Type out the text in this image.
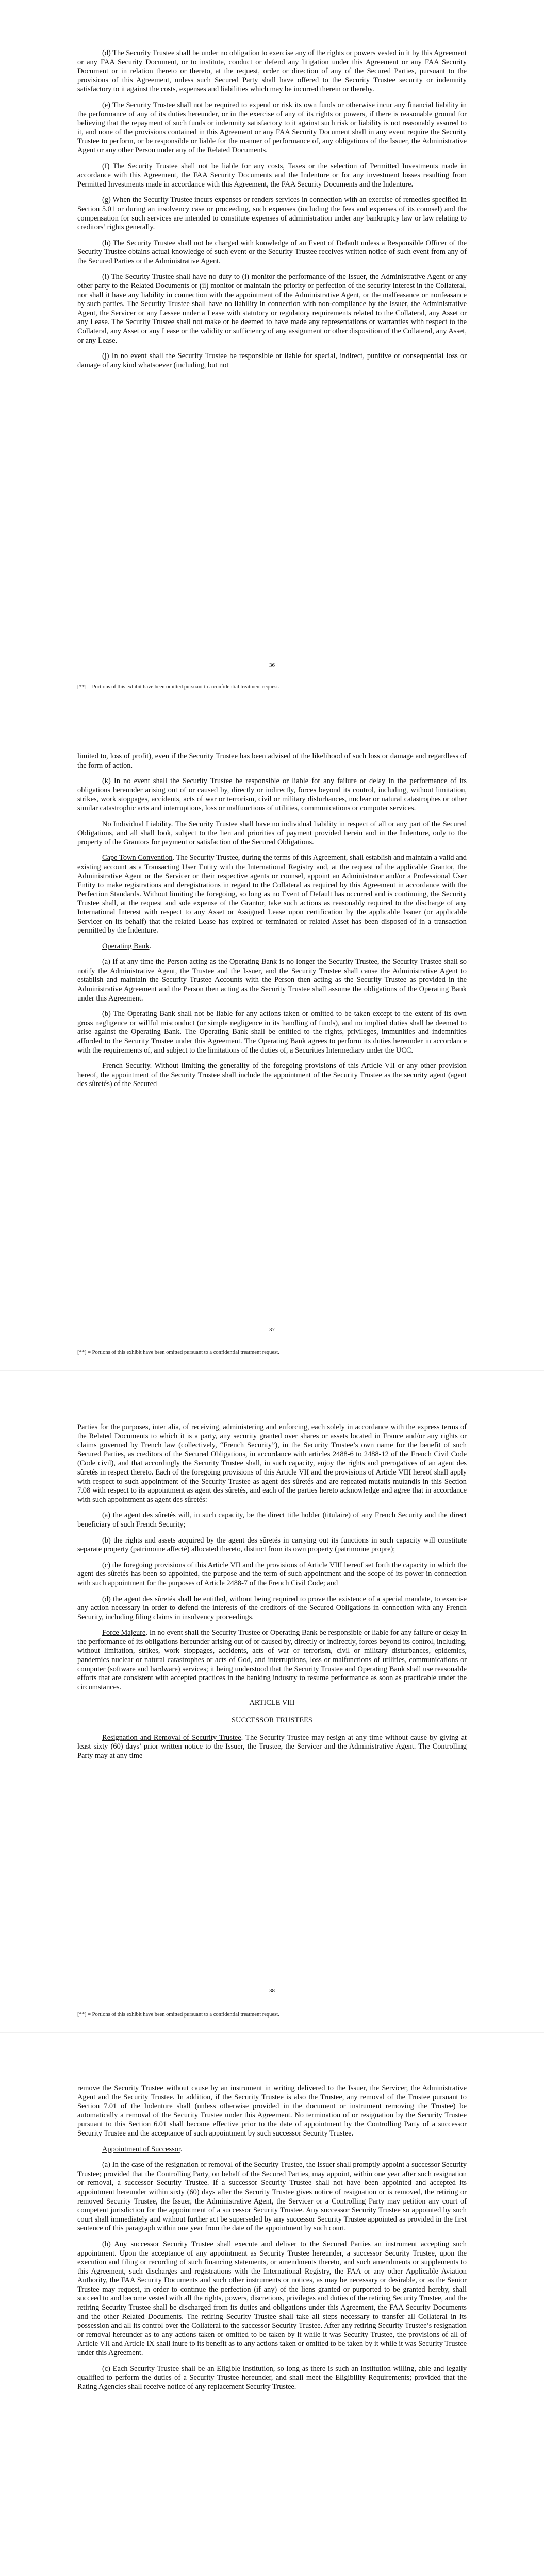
(d) The Security Trustee shall be under no obligation to exercise any of the rights or powers vested in it by this Agreement or any FAA Security Document, or to institute, conduct or defend any litigation under this Agreement or any FAA Security Document or in relation thereto or thereto, at the request, order or direction of any of the Secured Parties, pursuant to the provisions of this Agreement, unless such Secured Party shall have offered to the Security Trustee security or indemnity satisfactory to it against the costs, expenses and liabilities which may be incurred therein or thereby.

(e) The Security Trustee shall not be required to expend or risk its own funds or otherwise incur any financial liability in the performance of any of its duties hereunder, or in the exercise of any of its rights or powers, if there is reasonable ground for believing that the repayment of such funds or indemnity satisfactory to it against such risk or liability is not reasonably assured to it, and none of the provisions contained in this Agreement or any FAA Security Document shall in any event require the Security Trustee to perform, or be responsible or liable for the manner of performance of, any obligations of the Issuer, the Administrative Agent or any other Person under any of the Related Documents.

(f) The Security Trustee shall not be liable for any costs, Taxes or the selection of Permitted Investments made in accordance with this Agreement, the FAA Security Documents and the Indenture or for any investment losses resulting from Permitted Investments made in accordance with this Agreement, the FAA Security Documents and the Indenture.

(g) When the Security Trustee incurs expenses or renders services in connection with an exercise of remedies specified in Section 5.01 or during an insolvency case or proceeding, such expenses (including the fees and expenses of its counsel) and the compensation for such services are intended to constitute expenses of administration under any bankruptcy law or law relating to creditors’ rights generally.

(h) The Security Trustee shall not be charged with knowledge of an Event of Default unless a Responsible Officer of the Security Trustee obtains actual knowledge of such event or the Security Trustee receives written notice of such event from any of the Secured Parties or the Administrative Agent.

(i) The Security Trustee shall have no duty to (i) monitor the performance of the Issuer, the Administrative Agent or any other party to the Related Documents or (ii) monitor or maintain the priority or perfection of the security interest in the Collateral, nor shall it have any liability in connection with the appointment of the Administrative Agent, or the malfeasance or nonfeasance by such parties. The Security Trustee shall have no liability in connection with non-compliance by the Issuer, the Administrative Agent, the Servicer or any Lessee under a Lease with statutory or regulatory requirements related to the Collateral, any Asset or any Lease. The Security Trustee shall not make or be deemed to have made any representations or warranties with respect to the Collateral, any Asset or any Lease or the validity or sufficiency of any assignment or other disposition of the Collateral, any Asset, or any Lease.

(j) In no event shall the Security Trustee be responsible or liable for special, indirect, punitive or consequential loss or damage of any kind whatsoever (including, but not

36
[**] = Portions of this exhibit have been omitted pursuant to a confidential treatment request.

limited to, loss of profit), even if the Security Trustee has been advised of the likelihood of such loss or damage and regardless of the form of action.

(k) In no event shall the Security Trustee be responsible or liable for any failure or delay in the performance of its obligations hereunder arising out of or caused by, directly or indirectly, forces beyond its control, including, without limitation, strikes, work stoppages, accidents, acts of war or terrorism, civil or military disturbances, nuclear or natural catastrophes or other similar catastrophic acts and interruptions, loss or malfunctions of utilities, communications or computer services.

No Individual Liability. The Security Trustee shall have no individual liability in respect of all or any part of the Secured Obligations, and all shall look, subject to the lien and priorities of payment provided herein and in the Indenture, only to the property of the Grantors for payment or satisfaction of the Secured Obligations.

Cape Town Convention. The Security Trustee, during the terms of this Agreement, shall establish and maintain a valid and existing account as a Transacting User Entity with the International Registry and, at the request of the applicable Grantor, the Administrative Agent or the Servicer or their respective agents or counsel, appoint an Administrator and/or a Professional User Entity to make registrations and deregistrations in regard to the Collateral as required by this Agreement in accordance with the Perfection Standards. Without limiting the foregoing, so long as no Event of Default has occurred and is continuing, the Security Trustee shall, at the request and sole expense of the Grantor, take such actions as reasonably required to the discharge of any International Interest with respect to any Asset or Assigned Lease upon certification by the applicable Issuer (or applicable Servicer on its behalf) that the related Lease has expired or terminated or related Asset has been disposed of in a transaction permitted by the Indenture.

Operating Bank.

(a) If at any time the Person acting as the Operating Bank is no longer the Security Trustee, the Security Trustee shall so notify the Administrative Agent, the Trustee and the Issuer, and the Security Trustee shall cause the Administrative Agent to establish and maintain the Security Trustee Accounts with the Person then acting as the Security Trustee as provided in the Administrative Agreement and the Person then acting as the Security Trustee shall assume the obligations of the Operating Bank under this Agreement.

(b) The Operating Bank shall not be liable for any actions taken or omitted to be taken except to the extent of its own gross negligence or willful misconduct (or simple negligence in its handling of funds), and no implied duties shall be deemed to arise against the Operating Bank. The Operating Bank shall be entitled to the rights, privileges, immunities and indemnities afforded to the Security Trustee under this Agreement. The Operating Bank agrees to perform its duties hereunder in accordance with the requirements of, and subject to the limitations of the duties of, a Securities Intermediary under the UCC.

French Security. Without limiting the generality of the foregoing provisions of this Article VII or any other provision hereof, the appointment of the Security Trustee shall include the appointment of the Security Trustee as the security agent (agent des sûretés) of the Secured

37
[**] = Portions of this exhibit have been omitted pursuant to a confidential treatment request.

Parties for the purposes, inter alia, of receiving, administering and enforcing, each solely in accordance with the express terms of the Related Documents to which it is a party, any security granted over shares or assets located in France and/or any rights or claims governed by French law (collectively, “French Security”), in the Security Trustee’s own name for the benefit of such Secured Parties, as creditors of the Secured Obligations, in accordance with articles 2488-6 to 2488-12 of the French Civil Code (Code civil), and that accordingly the Security Trustee shall, in such capacity, enjoy the rights and prerogatives of an agent des sûretés in respect thereto. Each of the foregoing provisions of this Article VII and the provisions of Article VIII hereof shall apply with respect to such appointment of the Security Trustee as agent des sûretés and are repeated mutatis mutandis in this Section 7.08 with respect to its appointment as agent des sûretés, and each of the parties hereto acknowledge and agree that in accordance with such appointment as agent des sûretés:

(a) the agent des sûretés will, in such capacity, be the direct title holder (titulaire) of any French Security and the direct beneficiary of such French Security;

(b) the rights and assets acquired by the agent des sûretés in carrying out its functions in such capacity will constitute separate property (patrimoine affecté) allocated thereto, distinct from its own property (patrimoine propre);

(c) the foregoing provisions of this Article VII and the provisions of Article VIII hereof set forth the capacity in which the agent des sûretés has been so appointed, the purpose and the term of such appointment and the scope of its power in connection with such appointment for the purposes of Article 2488-7 of the French Civil Code; and

(d) the agent des sûretés shall be entitled, without being required to prove the existence of a special mandate, to exercise any action necessary in order to defend the interests of the creditors of the Secured Obligations in connection with any French Security, including filing claims in insolvency proceedings.

Force Majeure. In no event shall the Security Trustee or Operating Bank be responsible or liable for any failure or delay in the performance of its obligations hereunder arising out of or caused by, directly or indirectly, forces beyond its control, including, without limitation, strikes, work stoppages, accidents, acts of war or terrorism, civil or military disturbances, epidemics, pandemics nuclear or natural catastrophes or acts of God, and interruptions, loss or malfunctions of utilities, communications or computer (software and hardware) services; it being understood that the Security Trustee and Operating Bank shall use reasonable efforts that are consistent with accepted practices in the banking industry to resume performance as soon as practicable under the circumstances.

ARTICLE VIII
SUCCESSOR TRUSTEES

Resignation and Removal of Security Trustee. The Security Trustee may resign at any time without cause by giving at least sixty (60) days’ prior written notice to the Issuer, the Trustee, the Servicer and the Administrative Agent. The Controlling Party may at any time

38
[**] = Portions of this exhibit have been omitted pursuant to a confidential treatment request.

remove the Security Trustee without cause by an instrument in writing delivered to the Issuer, the Servicer, the Administrative Agent and the Security Trustee. In addition, if the Security Trustee is also the Trustee, any removal of the Trustee pursuant to Section 7.01 of the Indenture shall (unless otherwise provided in the document or instrument removing the Trustee) be automatically a removal of the Security Trustee under this Agreement. No termination of or resignation by the Security Trustee pursuant to this Section 6.01 shall become effective prior to the date of appointment by the Controlling Party of a successor Security Trustee and the acceptance of such appointment by such successor Security Trustee.

Appointment of Successor.

(a) In the case of the resignation or removal of the Security Trustee, the Issuer shall promptly appoint a successor Security Trustee; provided that the Controlling Party, on behalf of the Secured Parties, may appoint, within one year after such resignation or removal, a successor Security Trustee. If a successor Security Trustee shall not have been appointed and accepted its appointment hereunder within sixty (60) days after the Security Trustee gives notice of resignation or is removed, the retiring or removed Security Trustee, the Issuer, the Administrative Agent, the Servicer or a Controlling Party may petition any court of competent jurisdiction for the appointment of a successor Security Trustee. Any successor Security Trustee so appointed by such court shall immediately and without further act be superseded by any successor Security Trustee appointed as provided in the first sentence of this paragraph within one year from the date of the appointment by such court.

(b) Any successor Security Trustee shall execute and deliver to the Secured Parties an instrument accepting such appointment. Upon the acceptance of any appointment as Security Trustee hereunder, a successor Security Trustee, upon the execution and filing or recording of such financing statements, or amendments thereto, and such amendments or supplements to this Agreement, such discharges and registrations with the International Registry, the FAA or any other Applicable Aviation Authority, the FAA Security Documents and such other instruments or notices, as may be necessary or desirable, or as the Senior Trustee may request, in order to continue the perfection (if any) of the liens granted or purported to be granted hereby, shall succeed to and become vested with all the rights, powers, discretions, privileges and duties of the retiring Security Trustee, and the retiring Security Trustee shall be discharged from its duties and obligations under this Agreement, the FAA Security Documents and the other Related Documents. The retiring Security Trustee shall take all steps necessary to transfer all Collateral in its possession and all its control over the Collateral to the successor Security Trustee. After any retiring Security Trustee’s resignation or removal hereunder as to any actions taken or omitted to be taken by it while it was Security Trustee, the provisions of all of Article VII and Article IX shall inure to its benefit as to any actions taken or omitted to be taken by it while it was Security Trustee under this Agreement.

(c) Each Security Trustee shall be an Eligible Institution, so long as there is such an institution willing, able and legally qualified to perform the duties of a Security Trustee hereunder, and shall meet the Eligibility Requirements; provided that the Rating Agencies shall receive notice of any replacement Security Trustee.
